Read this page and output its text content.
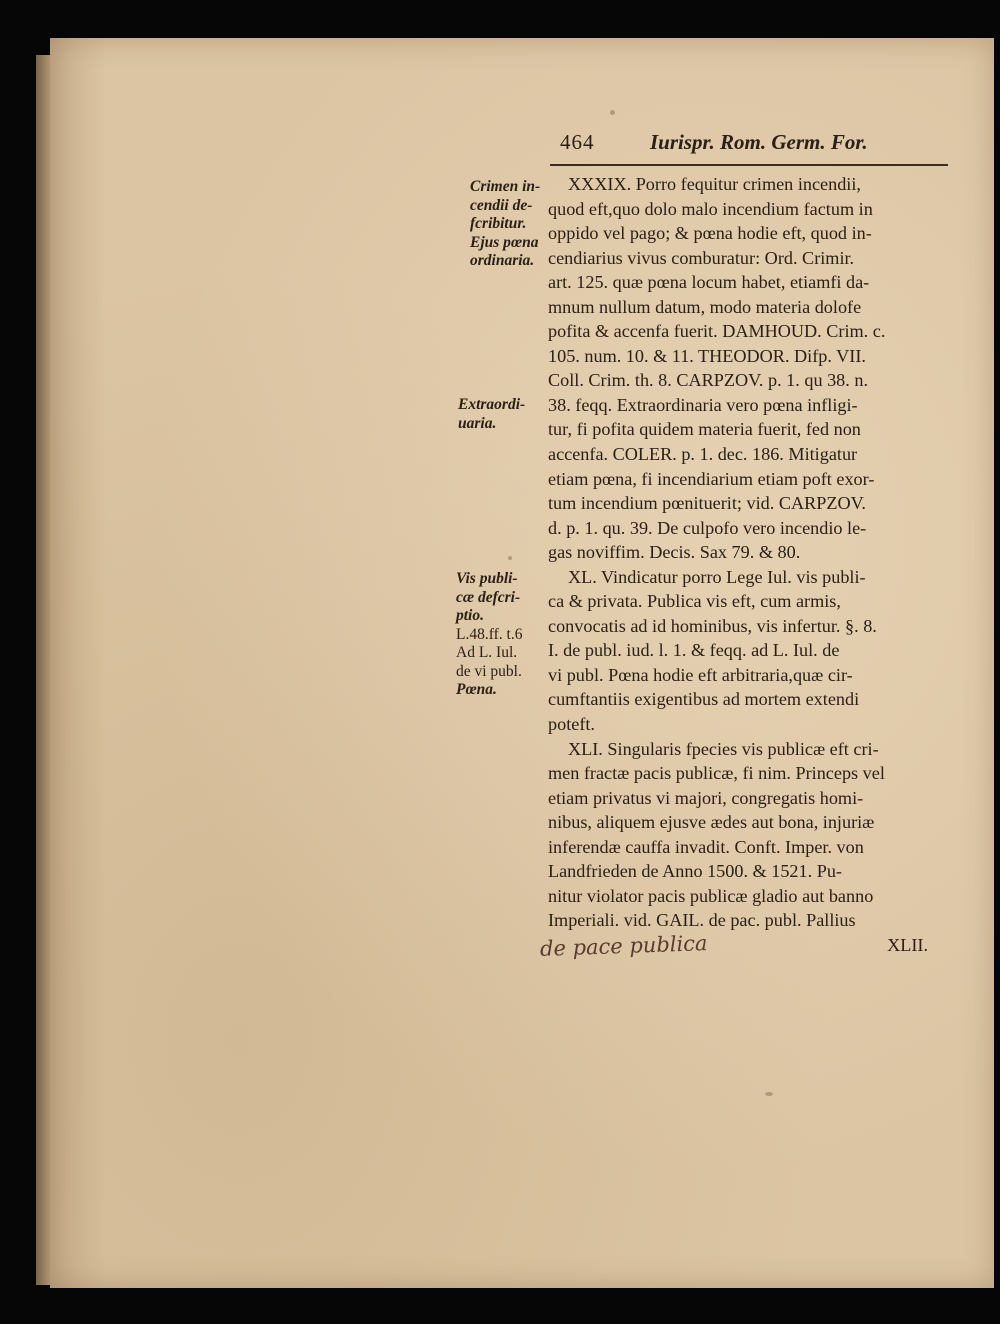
464	Iurispr. Rom. Germ. For.
Crimen in-
cendii de-
fcribitur.
Ejus pœna
ordinaria.
Extraordi-
uaria.
Vis publi-
cæ defcri-
ptio.
L.48.ff. t.6
Ad L. Iul.
de vi publ.
Pœna.
XXXIX. Porro fequitur crimen incendii,
quod eft,quo dolo malo incendium factum in
oppido vel pago; & pœna hodie eft, quod in-
cendiarius vivus comburatur: Ord. Crimir.
art. 125. quæ pœna locum habet, etiamfi da-
mnum nullum datum, modo materia dolofe
pofita & accenfa fuerit. DAMHOUD. Crim. c.
105. num. 10. & 11. THEODOR. Difp. VII.
Coll. Crim. th. 8. CARPZOV. p. 1. qu 38. n.
38. feqq. Extraordinaria vero pœna infligi-
tur, fi pofita quidem materia fuerit, fed non
accenfa. COLER. p. 1. dec. 186. Mitigatur
etiam pœna, fi incendiarium etiam poft exor-
tum incendium pœnituerit; vid. CARPZOV.
d. p. 1. qu. 39. De culpofo vero incendio le-
gas noviffim. Decis. Sax 79. & 80.
XL. Vindicatur porro Lege Iul. vis publi-
ca & privata. Publica vis eft, cum armis,
convocatis ad id hominibus, vis infertur. §. 8.
I. de publ. iud. l. 1. & feqq. ad L. Iul. de
vi publ. Pœna hodie eft arbitraria,quæ cir-
cumftantiis exigentibus ad mortem extendi
poteft.
XLI. Singularis fpecies vis publicæ eft cri-
men fractæ pacis publicæ, fi nim. Princeps vel
etiam privatus vi majori, congregatis homi-
nibus, aliquem ejusve ædes aut bona, injuriæ
inferendæ cauffa invadit. Conft. Imper. von
Landfrieden de Anno 1500. & 1521. Pu-
nitur violator pacis publicæ gladio aut banno
Imperiali. vid. GAIL. de pac. publ. Pallius
XLII.
de pace publica
